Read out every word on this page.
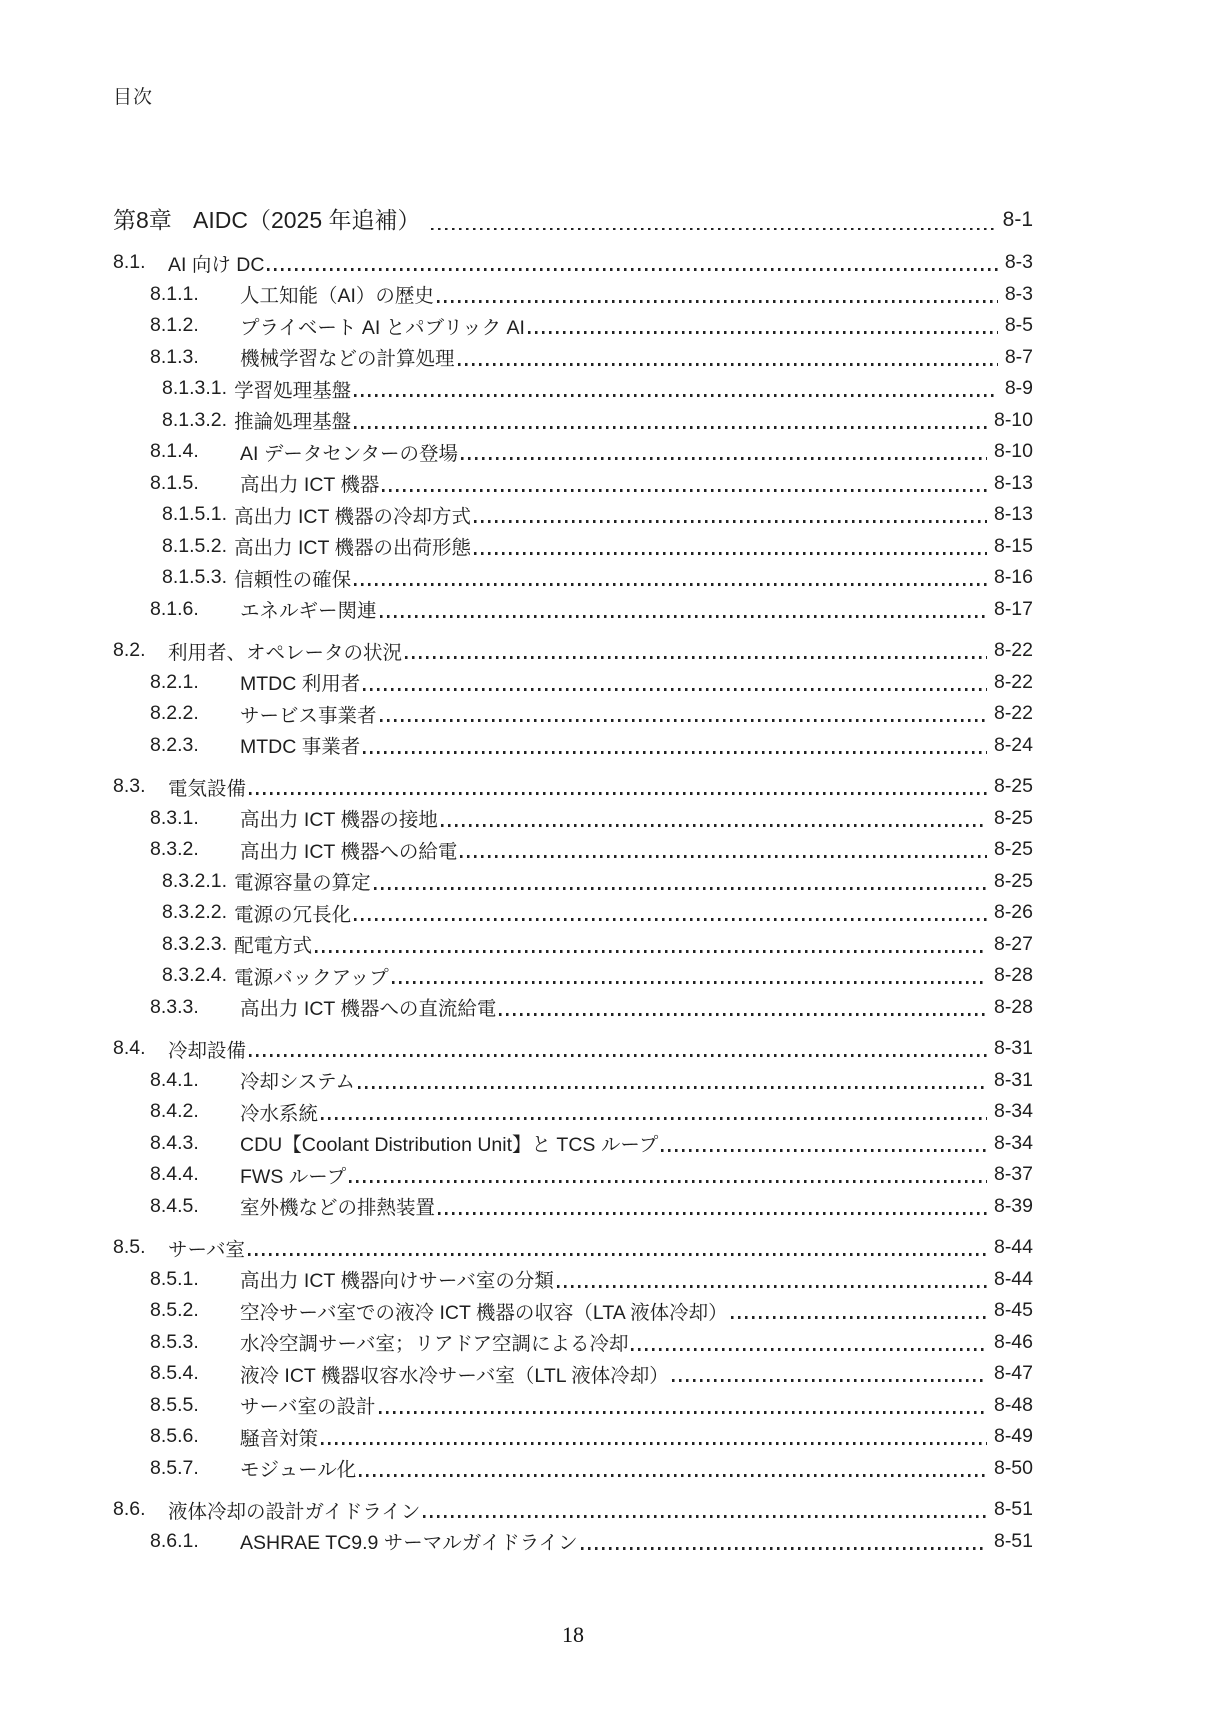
目次
第8章 AIDC（2025 年追補）	8-1
8.1.	AI 向け DC	8-3
8.1.1.	人工知能（AI）の歴史	8-3
8.1.2.	プライベート AI とパブリック AI	8-5
8.1.3.	機械学習などの計算処理	8-7
8.1.3.1. 学習処理基盤	8-9
8.1.3.2. 推論処理基盤	8-10
8.1.4.	AI データセンターの登場	8-10
8.1.5.	高出力 ICT 機器	8-13
8.1.5.1. 高出力 ICT 機器の冷却方式	8-13
8.1.5.2. 高出力 ICT 機器の出荷形態	8-15
8.1.5.3. 信頼性の確保	8-16
8.1.6.	エネルギー関連	8-17
8.2.	利用者、オペレータの状況	8-22
8.2.1.	MTDC 利用者	8-22
8.2.2.	サービス事業者	8-22
8.2.3.	MTDC 事業者	8-24
8.3.	電気設備	8-25
8.3.1.	高出力 ICT 機器の接地	8-25
8.3.2.	高出力 ICT 機器への給電	8-25
8.3.2.1. 電源容量の算定	8-25
8.3.2.2. 電源の冗長化	8-26
8.3.2.3. 配電方式	8-27
8.3.2.4. 電源バックアップ	8-28
8.3.3.	高出力 ICT 機器への直流給電	8-28
8.4.	冷却設備	8-31
8.4.1.	冷却システム	8-31
8.4.2.	冷水系統	8-34
8.4.3.	CDU【Coolant Distribution Unit】と TCS ループ	8-34
8.4.4.	FWS ループ	8-37
8.4.5.	室外機などの排熱装置	8-39
8.5.	サーバ室	8-44
8.5.1.	高出力 ICT 機器向けサーバ室の分類	8-44
8.5.2.	空冷サーバ室での液冷 ICT 機器の収容（LTA 液体冷却）	8-45
8.5.3.	水冷空調サーバ室；リアドア空調による冷却	8-46
8.5.4.	液冷 ICT 機器収容水冷サーバ室（LTL 液体冷却）	8-47
8.5.5.	サーバ室の設計	8-48
8.5.6.	騒音対策	8-49
8.5.7.	モジュール化	8-50
8.6.	液体冷却の設計ガイドライン	8-51
8.6.1.	ASHRAE TC9.9 サーマルガイドライン	8-51
18
